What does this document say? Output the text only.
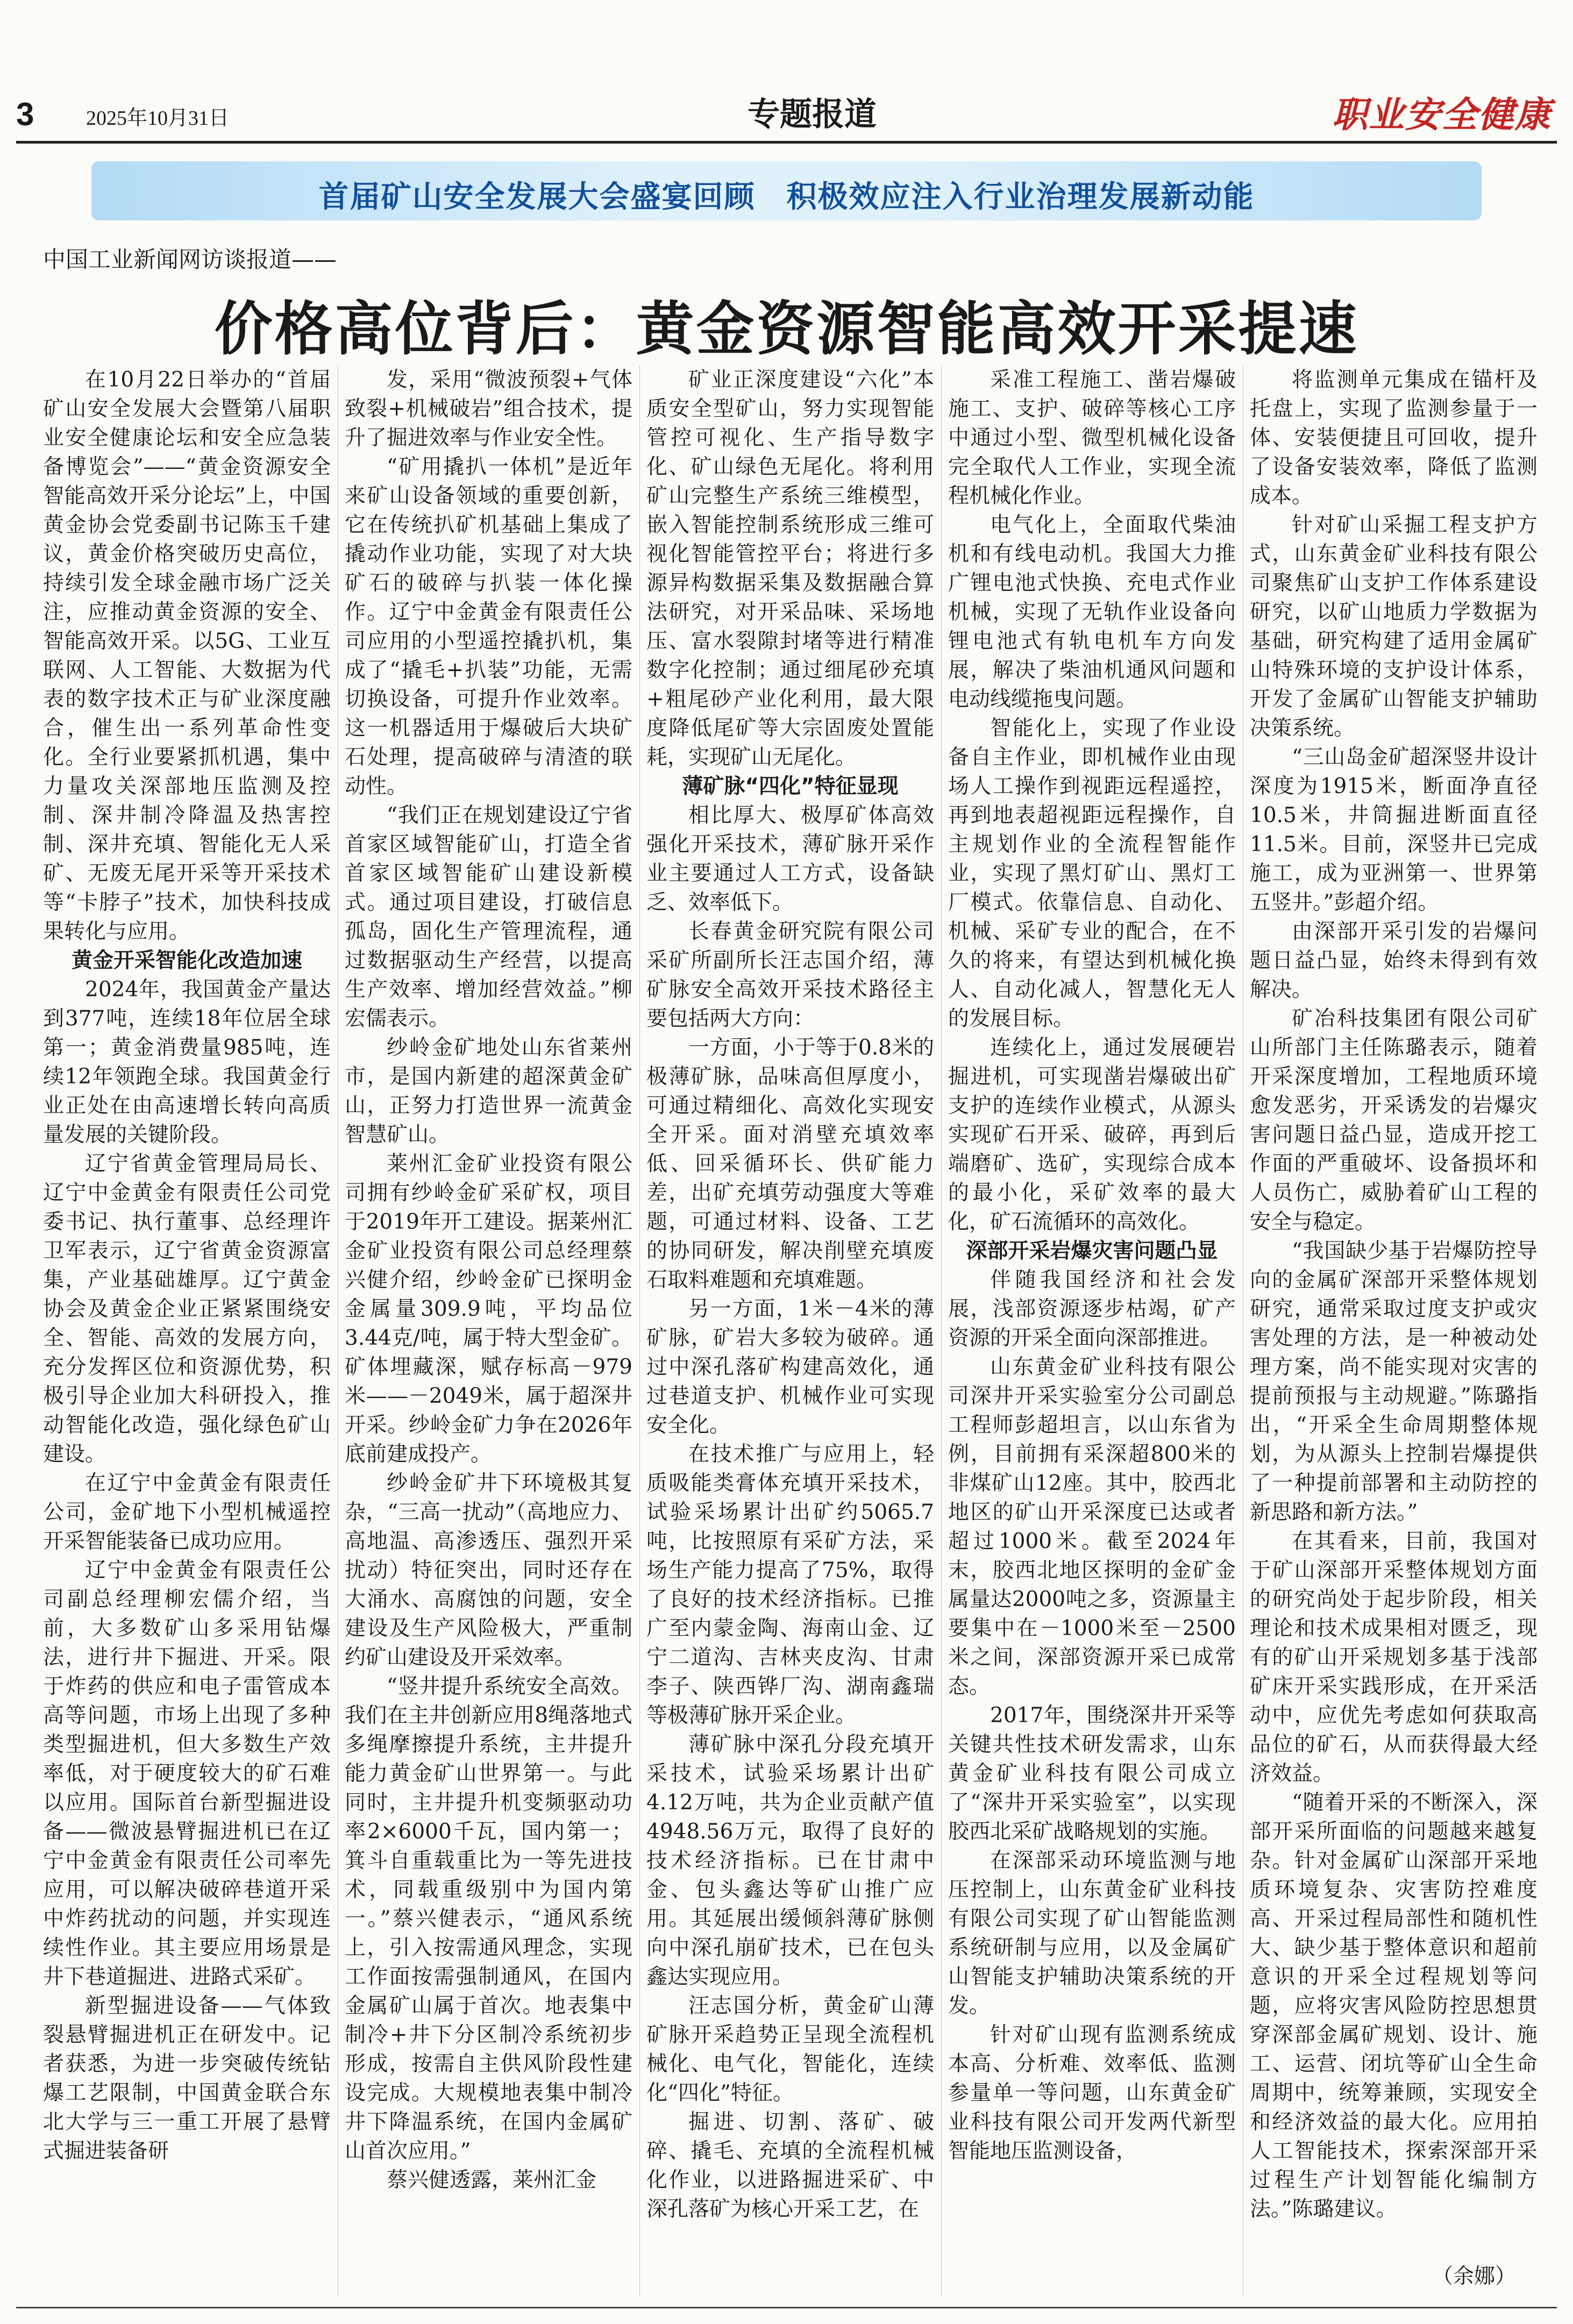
3	2025年10月31日	专题报道	职业安全健康
首届矿山安全发展大会盛宴回顾　积极效应注入行业治理发展新动能
中国工业新闻网访谈报道——
价格高位背后：黄金资源智能高效开采提速

在10月22日举办的“首届矿山安全发展大会暨第八届职业安全健康论坛和安全应急装备博览会”——“黄金资源安全智能高效开采分论坛”上，中国黄金协会党委副书记陈玉千建议，黄金价格突破历史高位，持续引发全球金融市场广泛关注，应推动黄金资源的安全、智能高效开采。以5G、工业互联网、人工智能、大数据为代表的数字技术正与矿业深度融合，催生出一系列革命性变化。全行业要紧抓机遇，集中力量攻关深部地压监测及控制、深井制冷降温及热害控制、深井充填、智能化无人采矿、无废无尾开采等开采技术等“卡脖子”技术，加快科技成果转化与应用。

黄金开采智能化改造加速

2024年，我国黄金产量达到377吨，连续18年位居全球第一；黄金消费量985吨，连续12年领跑全球。我国黄金行业正处在由高速增长转向高质量发展的关键阶段。

辽宁省黄金管理局局长、辽宁中金黄金有限责任公司党委书记、执行董事、总经理许卫军表示，辽宁省黄金资源富集，产业基础雄厚。辽宁黄金协会及黄金企业正紧紧围绕安全、智能、高效的发展方向，充分发挥区位和资源优势，积极引导企业加大科研投入，推动智能化改造，强化绿色矿山建设。

在辽宁中金黄金有限责任公司，金矿地下小型机械遥控开采智能装备已成功应用。

辽宁中金黄金有限责任公司副总经理柳宏儒介绍，当前，大多数矿山多采用钻爆法，进行井下掘进、开采。限于炸药的供应和电子雷管成本高等问题，市场上出现了多种类型掘进机，但大多数生产效率低，对于硬度较大的矿石难以应用。国际首台新型掘进设备——微波悬臂掘进机已在辽宁中金黄金有限责任公司率先应用，可以解决破碎巷道开采中炸药扰动的问题，并实现连续性作业。其主要应用场景是井下巷道掘进、进路式采矿。

新型掘进设备——气体致裂悬臂掘进机正在研发中。记者获悉，为进一步突破传统钻爆工艺限制，中国黄金联合东北大学与三一重工开展了悬臂式掘进装备研

发，采用“微波预裂+气体致裂+机械破岩”组合技术，提升了掘进效率与作业安全性。

“矿用撬扒一体机”是近年来矿山设备领域的重要创新，它在传统扒矿机基础上集成了撬动作业功能，实现了对大块矿石的破碎与扒装一体化操作。辽宁中金黄金有限责任公司应用的小型遥控撬扒机，集成了“撬毛+扒装”功能，无需切换设备，可提升作业效率。这一机器适用于爆破后大块矿石处理，提高破碎与清渣的联动性。

“我们正在规划建设辽宁省首家区域智能矿山，打造全省首家区域智能矿山建设新模式。通过项目建设，打破信息孤岛，固化生产管理流程，通过数据驱动生产经营，以提高生产效率、增加经营效益。”柳宏儒表示。

纱岭金矿地处山东省莱州市，是国内新建的超深黄金矿山，正努力打造世界一流黄金智慧矿山。

莱州汇金矿业投资有限公司拥有纱岭金矿采矿权，项目于2019年开工建设。据莱州汇金矿业投资有限公司总经理蔡兴健介绍，纱岭金矿已探明金金属量309.9吨，平均品位3.44克/吨，属于特大型金矿。矿体埋藏深，赋存标高－979米——－2049米，属于超深井开采。纱岭金矿力争在2026年底前建成投产。

纱岭金矿井下环境极其复杂，“三高一扰动”（高地应力、高地温、高渗透压、强烈开采扰动）特征突出，同时还存在大涌水、高腐蚀的问题，安全建设及生产风险极大，严重制约矿山建设及开采效率。

“竖井提升系统安全高效。我们在主井创新应用8绳落地式多绳摩擦提升系统，主井提升能力黄金矿山世界第一。与此同时，主井提升机变频驱动功率2×6000千瓦，国内第一；箕斗自重载重比为一等先进技术，同载重级别中为国内第一。”蔡兴健表示，“通风系统上，引入按需通风理念，实现工作面按需强制通风，在国内金属矿山属于首次。地表集中制冷+井下分区制冷系统初步形成，按需自主供风阶段性建设完成。大规模地表集中制冷井下降温系统，在国内金属矿山首次应用。”

蔡兴健透露，莱州汇金

矿业正深度建设“六化”本质安全型矿山，努力实现智能管控可视化、生产指导数字化、矿山绿色无尾化。将利用矿山完整生产系统三维模型，嵌入智能控制系统形成三维可视化智能管控平台；将进行多源异构数据采集及数据融合算法研究，对开采品味、采场地压、富水裂隙封堵等进行精准数字化控制；通过细尾砂充填+粗尾砂产业化利用，最大限度降低尾矿等大宗固废处置能耗，实现矿山无尾化。

薄矿脉“四化”特征显现

相比厚大、极厚矿体高效强化开采技术，薄矿脉开采作业主要通过人工方式，设备缺乏、效率低下。

长春黄金研究院有限公司采矿所副所长汪志国介绍，薄矿脉安全高效开采技术路径主要包括两大方向：

一方面，小于等于0.8米的极薄矿脉，品味高但厚度小，可通过精细化、高效化实现安全开采。面对消壁充填效率低、回采循环长、供矿能力差，出矿充填劳动强度大等难题，可通过材料、设备、工艺的协同研发，解决削壁充填废石取料难题和充填难题。

另一方面，1米－4米的薄矿脉，矿岩大多较为破碎。通过中深孔落矿构建高效化，通过巷道支护、机械作业可实现安全化。

在技术推广与应用上，轻质吸能类膏体充填开采技术，试验采场累计出矿约5065.7吨，比按照原有采矿方法，采场生产能力提高了75%，取得了良好的技术经济指标。已推广至内蒙金陶、海南山金、辽宁二道沟、吉林夹皮沟、甘肃李子、陕西铧厂沟、湖南鑫瑞等极薄矿脉开采企业。

薄矿脉中深孔分段充填开采技术，试验采场累计出矿4.12万吨，共为企业贡献产值4948.56万元，取得了良好的技术经济指标。已在甘肃中金、包头鑫达等矿山推广应用。其延展出缓倾斜薄矿脉侧向中深孔崩矿技术，已在包头鑫达实现应用。

汪志国分析，黄金矿山薄矿脉开采趋势正呈现全流程机械化、电气化，智能化，连续化“四化”特征。

掘进、切割、落矿、破碎、撬毛、充填的全流程机械化作业，以进路掘进采矿、中深孔落矿为核心开采工艺，在

采准工程施工、凿岩爆破施工、支护、破碎等核心工序中通过小型、微型机械化设备完全取代人工作业，实现全流程机械化作业。

电气化上，全面取代柴油机和有线电动机。我国大力推广锂电池式快换、充电式作业机械，实现了无轨作业设备向锂电池式有轨电机车方向发展，解决了柴油机通风问题和电动线缆拖曳问题。

智能化上，实现了作业设备自主作业，即机械作业由现场人工操作到视距远程遥控，再到地表超视距远程操作，自主规划作业的全流程智能作业，实现了黑灯矿山、黑灯工厂模式。依靠信息、自动化、机械、采矿专业的配合，在不久的将来，有望达到机械化换人、自动化减人，智慧化无人的发展目标。

连续化上，通过发展硬岩掘进机，可实现凿岩爆破出矿支护的连续作业模式，从源头实现矿石开采、破碎，再到后端磨矿、选矿，实现综合成本的最小化，采矿效率的最大化，矿石流循环的高效化。

深部开采岩爆灾害问题凸显

伴随我国经济和社会发展，浅部资源逐步枯竭，矿产资源的开采全面向深部推进。

山东黄金矿业科技有限公司深井开采实验室分公司副总工程师彭超坦言，以山东省为例，目前拥有采深超800米的非煤矿山12座。其中，胶西北地区的矿山开采深度已达或者超过1000米。截至2024年末，胶西北地区探明的金矿金属量达2000吨之多，资源量主要集中在－1000米至－2500米之间，深部资源开采已成常态。

2017年，围绕深井开采等关键共性技术研发需求，山东黄金矿业科技有限公司成立了“深井开采实验室”，以实现胶西北采矿战略规划的实施。

在深部采动环境监测与地压控制上，山东黄金矿业科技有限公司实现了矿山智能监测系统研制与应用，以及金属矿山智能支护辅助决策系统的开发。

针对矿山现有监测系统成本高、分析难、效率低、监测参量单一等问题，山东黄金矿业科技有限公司开发两代新型智能地压监测设备，

将监测单元集成在锚杆及托盘上，实现了监测参量于一体、安装便捷且可回收，提升了设备安装效率，降低了监测成本。

针对矿山采掘工程支护方式，山东黄金矿业科技有限公司聚焦矿山支护工作体系建设研究，以矿山地质力学数据为基础，研究构建了适用金属矿山特殊环境的支护设计体系，开发了金属矿山智能支护辅助决策系统。

“三山岛金矿超深竖井设计深度为1915米，断面净直径10.5米，井筒掘进断面直径11.5米。目前，深竖井已完成施工，成为亚洲第一、世界第五竖井。”彭超介绍。

由深部开采引发的岩爆问题日益凸显，始终未得到有效解决。

矿冶科技集团有限公司矿山所部门主任陈璐表示，随着开采深度增加，工程地质环境愈发恶劣，开采诱发的岩爆灾害问题日益凸显，造成开挖工作面的严重破坏、设备损坏和人员伤亡，威胁着矿山工程的安全与稳定。

“我国缺少基于岩爆防控导向的金属矿深部开采整体规划研究，通常采取过度支护或灾害处理的方法，是一种被动处理方案，尚不能实现对灾害的提前预报与主动规避。”陈璐指出，“开采全生命周期整体规划，为从源头上控制岩爆提供了一种提前部署和主动防控的新思路和新方法。”

在其看来，目前，我国对于矿山深部开采整体规划方面的研究尚处于起步阶段，相关理论和技术成果相对匮乏，现有的矿山开采规划多基于浅部矿床开采实践形成，在开采活动中，应优先考虑如何获取高品位的矿石，从而获得最大经济效益。

“随着开采的不断深入，深部开采所面临的问题越来越复杂。针对金属矿山深部开采地质环境复杂、灾害防控难度高、开采过程局部性和随机性大、缺少基于整体意识和超前意识的开采全过程规划等问题，应将灾害风险防控思想贯穿深部金属矿规划、设计、施工、运营、闭坑等矿山全生命周期中，统筹兼顾，实现安全和经济效益的最大化。应用拍人工智能技术，探索深部开采过程生产计划智能化编制方法。”陈璐建议。

（余娜）
